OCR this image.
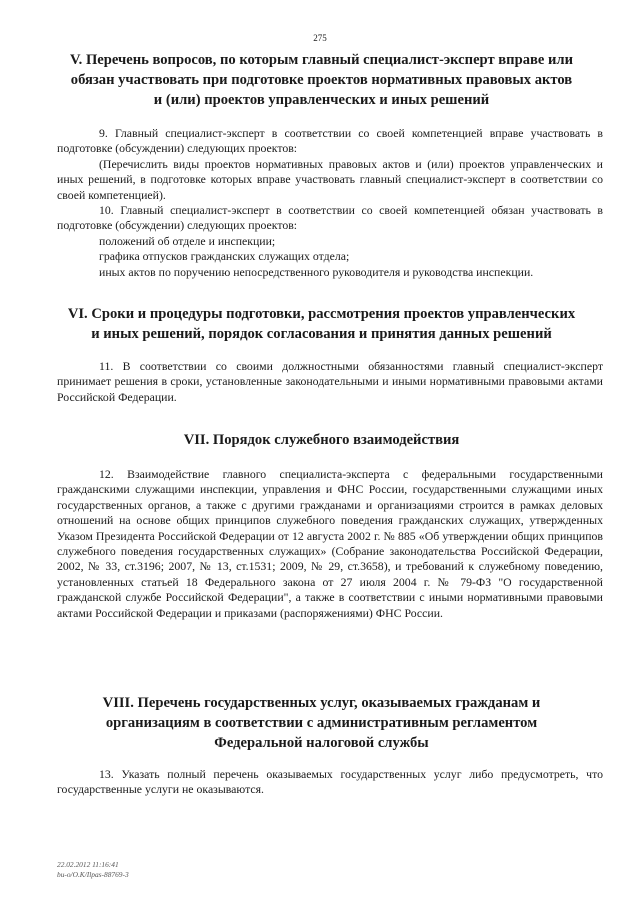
275
V. Перечень вопросов, по которым главный специалист-эксперт вправе или
обязан участвовать при подготовке проектов нормативных правовых актов
и (или) проектов управленческих и иных решений

9. Главный специалист-эксперт в соответствии со своей компетенцией вправе участвовать в подготовке (обсуждении) следующих проектов:

(Перечислить виды проектов нормативных правовых актов и (или) проектов управленческих и иных решений, в подготовке которых вправе участвовать главный специалист-эксперт в соответствии со своей компетенцией).

10. Главный специалист-эксперт в соответствии со своей компетенцией обязан участвовать в подготовке (обсуждении) следующих проектов:

положений об отделе и инспекции;

графика отпусков гражданских служащих отдела;

иных актов по поручению непосредственного руководителя и руководства инспекции.

VI. Сроки и процедуры подготовки, рассмотрения проектов управленческих
и иных решений, порядок согласования и принятия данных решений

11. В соответствии со своими должностными обязанностями главный специалист-эксперт принимает решения в сроки, установленные законодательными и иными нормативными правовыми актами Российской Федерации.

VII. Порядок служебного взаимодействия

12. Взаимодействие главного специалиста-эксперта с федеральными государственными гражданскими служащими инспекции, управления и ФНС России, государственными служащими иных государственных органов, а также с другими гражданами и организациями строится в рамках деловых отношений на основе общих принципов служебного поведения гражданских служащих, утвержденных Указом Президента Российской Федерации от 12 августа 2002 г. № 885 «Об утверждении общих принципов служебного поведения государственных служащих» (Собрание законодательства Российской Федерации, 2002, № 33, ст.3196; 2007, № 13, ст.1531; 2009, № 29, ст.3658), и требований к служебному поведению, установленных статьей 18 Федерального закона от 27 июля 2004 г. № 79-ФЗ "О государственной гражданской службе Российской Федерации", а также в соответствии с иными нормативными правовыми актами Российской Федерации и приказами (распоряжениями) ФНС России.

VIII. Перечень государственных услуг, оказываемых гражданам и
организациям в соответствии с административным регламентом
Федеральной налоговой службы

13. Указать полный перечень оказываемых государственных услуг либо предусмотреть, что государственные услуги не оказываются.

22.02.2012 11:16:41
bu-o/O.K/Ilpas-88769-3
